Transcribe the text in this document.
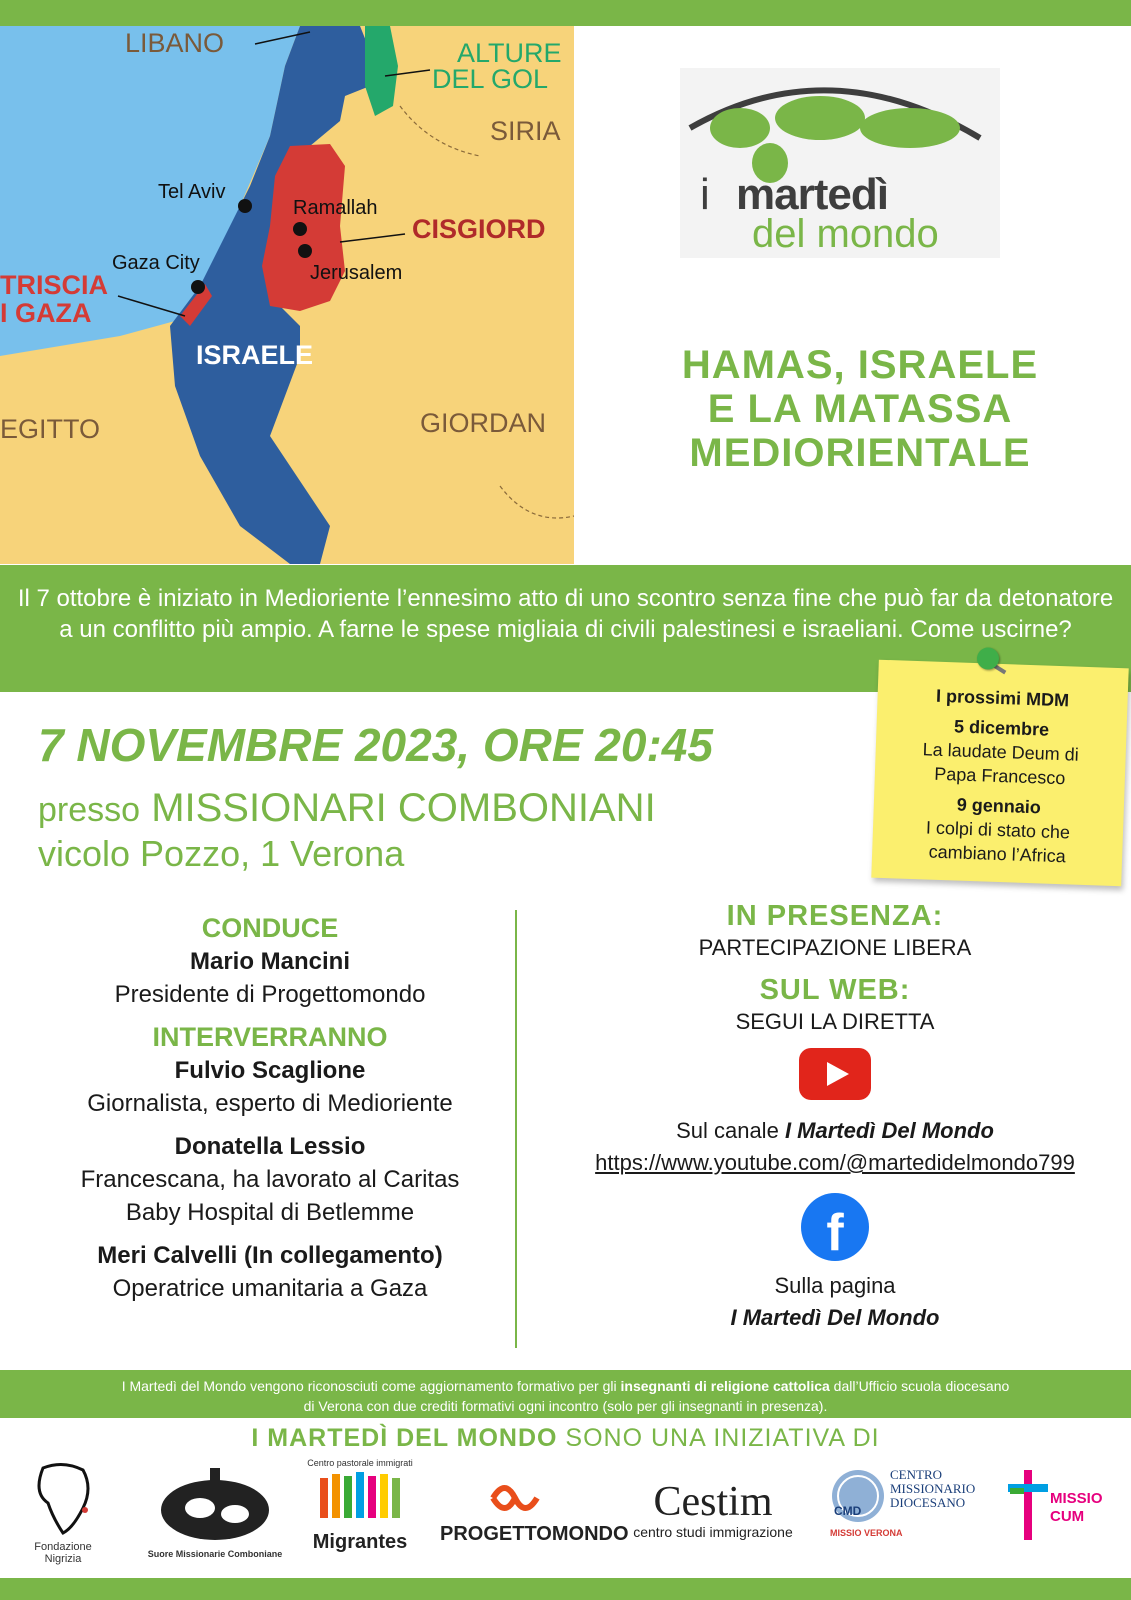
LIBANO	ALTURE
DEL GOL
SIRIA
Tel Aviv
Ramallah
CISGIORD
Gaza City	Jerusalem
TRISCIA
I GAZA
ISRAELE
EGITTO	GIORDAN
i martedì
del mondo
HAMAS, ISRAELE
E LA MATASSA
MEDIORIENTALE

Il 7 ottobre è iniziato in Medioriente l’ennesimo atto di uno scontro senza fine che può far da detonatore a un conflitto più ampio. A farne le spese migliaia di civili palestinesi e israeliani. Come uscirne?

I prossimi MDM
5 dicembre
La laudate Deum di
Papa Francesco
9 gennaio
I colpi di stato che
cambiano l’Africa
7 NOVEMBRE 2023, ORE 20:45
presso MISSIONARI COMBONIANI
vicolo Pozzo, 1 Verona
CONDUCE
Mario Mancini
Presidente di Progettomondo
INTERVERRANNO
Fulvio Scaglione
Giornalista, esperto di Medioriente
Donatella Lessio
Francescana, ha lavorato al Caritas
Baby Hospital di Betlemme
Meri Calvelli (In collegamento)
Operatrice umanitaria a Gaza
IN PRESENZA:
PARTECIPAZIONE LIBERA
SUL WEB:
SEGUI LA DIRETTA
Sul canale I Martedì Del Mondo
https://www.youtube.com/@martedidelmondo799
f
Sulla pagina
I Martedì Del Mondo
I Martedì del Mondo vengono riconosciuti come aggiornamento formativo per gli insegnanti di religione cattolica dall’Ufficio scuola diocesano
di Verona con due crediti formativi ogni incontro (solo per gli insegnanti in presenza).
I MARTEDÌ DEL MONDO SONO UNA INIZIATIVA DI
Fondazione
Nigrizia	Suore Missionarie Comboniane
Centro pastorale immigrati
Migrantes	PROGETTOMONDO
Cestim
centro studi immigrazione
CMD
CENTRO
MISSIONARIO
DIOCESANO
MISSIO VERONA
MISSIO
CUM
